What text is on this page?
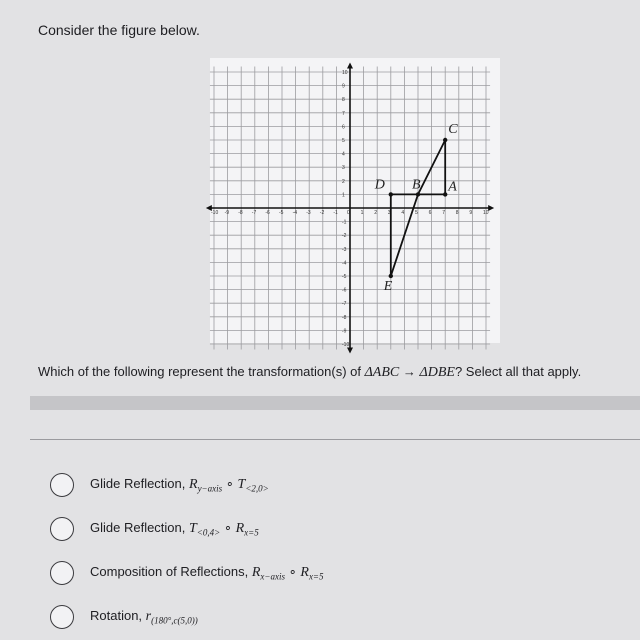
Consider the figure below.
-10 -9 -8 -7 -6 -5 -4 -3 -2 -1 0 1 2 3 4 5 6 7 8 9 10
10
9
8
7
6
5
4
3
2
1
-1
-2
-3
-4
-5
-6
-7
-8
-9
-10
C
D B A
E
Which of the following represent the transformation(s) of ΔABC → ΔDBE? Select all that apply.
Glide Reflection, $R_{y-axis}$ ∘ $T_{<2,0>}$
Glide Reflection, $T_{<0,4>}$ ∘ $R_{x=5}$
Composition of Reflections, $R_{x-axis}$ ∘ $R_{x=5}$
Rotation, $r_{(180^\circ,c(5,0))}$
